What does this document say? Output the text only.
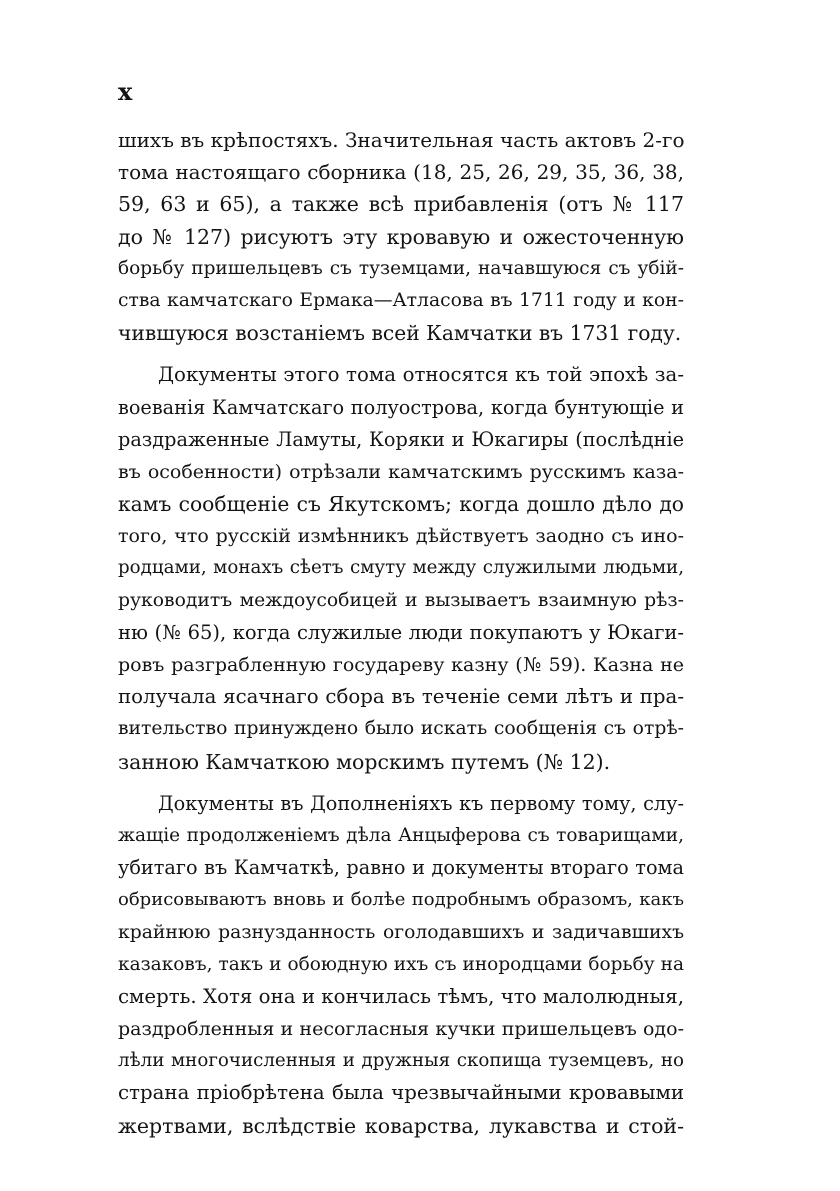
x
шихъ въ крѣпостяхъ. Значительная часть актовъ 2-го
тома настоящаго сборника (18, 25, 26, 29, 35, 36, 38,
59, 63 и 65), а также всѣ прибавленія (отъ № 117
до № 127) рисуютъ эту кровавую и ожесточенную
борьбу пришельцевъ съ туземцами, начавшуюся съ убій-
ства камчатскаго Ермака—Атласова въ 1711 году и кон-
чившуюся возстаніемъ всей Камчатки въ 1731 году.
Документы этого тома относятся къ той эпохѣ за-
воеванія Камчатскаго полуострова, когда бунтующіе и
раздраженные Ламуты, Коряки и Юкагиры (послѣдніе
въ особенности) отрѣзали камчатскимъ русскимъ каза-
камъ сообщеніе съ Якутскомъ; когда дошло дѣло до
того, что русскій измѣнникъ дѣйствуетъ заодно съ ино-
родцами, монахъ сѣетъ смуту между служилыми людьми,
руководитъ междоусобицей и вызываетъ взаимную рѣз-
ню (№ 65), когда служилые люди покупаютъ у Юкаги-
ровъ разграбленную государеву казну (№ 59). Казна не
получала ясачнаго сбора въ теченіе семи лѣтъ и пра-
вительство принуждено было искать сообщенія съ отрѣ-
занною Камчаткою морскимъ путемъ (№ 12).
Документы въ Дополненіяхъ къ первому тому, слу-
жащіе продолженіемъ дѣла Анцыферова съ товарищами,
убитаго въ Камчаткѣ, равно и документы втораго тома
обрисовываютъ вновь и болѣе подробнымъ образомъ, какъ
крайнюю разнузданность оголодавшихъ и задичавшихъ
казаковъ, такъ и обоюдную ихъ съ инородцами борьбу на
смерть. Хотя она и кончилась тѣмъ, что малолюдныя,
раздробленныя и несогласныя кучки пришельцевъ одо-
лѣли многочисленныя и дружныя скопища туземцевъ, но
страна пріобрѣтена была чрезвычайными кровавыми
жертвами, вслѣдствіе коварства, лукавства и стой-
